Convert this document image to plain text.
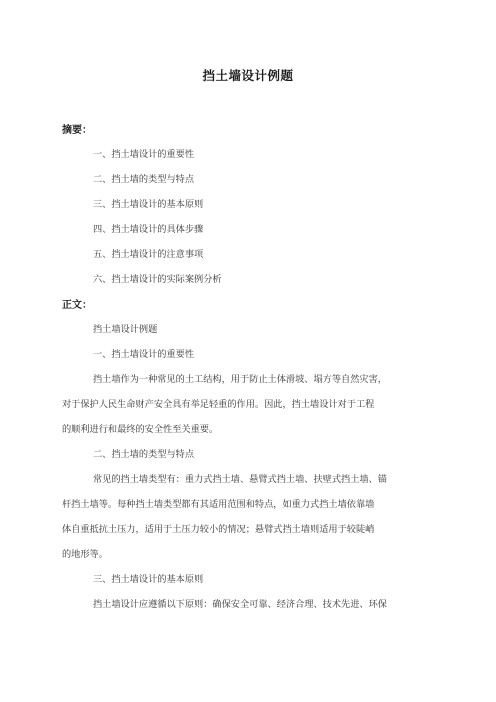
挡土墙设计例题
摘要：
一、挡土墙设计的重要性
二、挡土墙的类型与特点
三、挡土墙设计的基本原则
四、挡土墙设计的具体步骤
五、挡土墙设计的注意事项
六、挡土墙设计的实际案例分析
正文：
挡土墙设计例题
一、挡土墙设计的重要性
挡土墙作为一种常见的土工结构，用于防止土体滑坡、塌方等自然灾害，
对于保护人民生命财产安全具有举足轻重的作用。因此，挡土墙设计对于工程
的顺利进行和最终的安全性至关重要。
二、挡土墙的类型与特点
常见的挡土墙类型有：重力式挡土墙、悬臂式挡土墙、扶壁式挡土墙、锚
杆挡土墙等。每种挡土墙类型都有其适用范围和特点，如重力式挡土墙依靠墙
体自重抵抗土压力，适用于土压力较小的情况；悬臂式挡土墙则适用于较陡峭
的地形等。
三、挡土墙设计的基本原则
挡土墙设计应遵循以下原则：确保安全可靠、经济合理、技术先进、环保
